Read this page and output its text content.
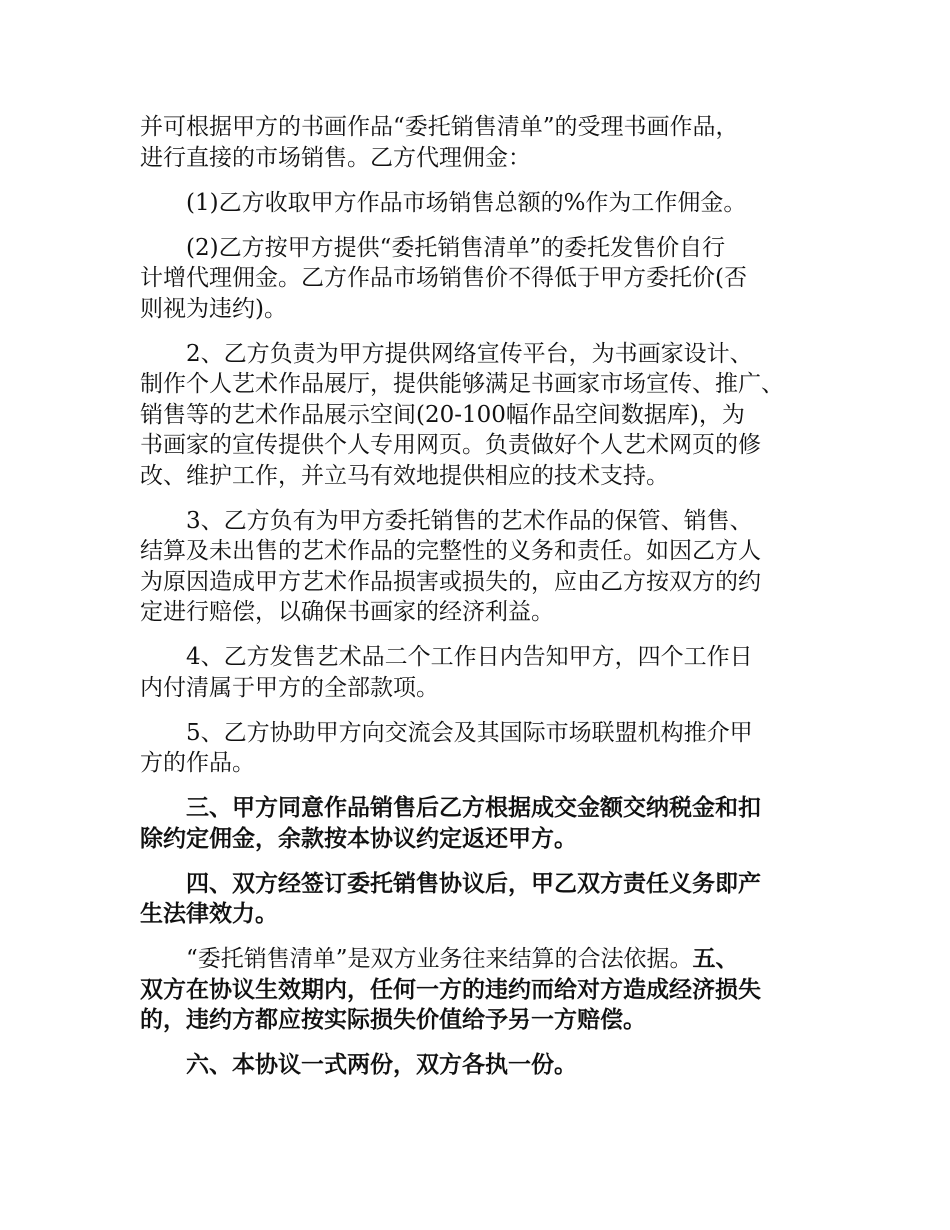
并可根据甲方的书画作品“委托销售清单”的受理书画作品，
进行直接的市场销售。乙方代理佣金：

(1)乙方收取甲方作品市场销售总额的%作为工作佣金。

(2)乙方按甲方提供“委托销售清单”的委托发售价自行
计增代理佣金。乙方作品市场销售价不得低于甲方委托价(否
则视为违约)。

2、乙方负责为甲方提供网络宣传平台，为书画家设计、
制作个人艺术作品展厅，提供能够满足书画家市场宣传、推广、
销售等的艺术作品展示空间(20-100幅作品空间数据库)，为
书画家的宣传提供个人专用网页。负责做好个人艺术网页的修
改、维护工作，并立马有效地提供相应的技术支持。

3、乙方负有为甲方委托销售的艺术作品的保管、销售、
结算及未出售的艺术作品的完整性的义务和责任。如因乙方人
为原因造成甲方艺术作品损害或损失的，应由乙方按双方的约
定进行赔偿，以确保书画家的经济利益。

4、乙方发售艺术品二个工作日内告知甲方，四个工作日
内付清属于甲方的全部款项。

5、乙方协助甲方向交流会及其国际市场联盟机构推介甲
方的作品。

三、甲方同意作品销售后乙方根据成交金额交纳税金和扣
除约定佣金，余款按本协议约定返还甲方。

四、双方经签订委托销售协议后，甲乙双方责任义务即产
生法律效力。

“委托销售清单”是双方业务往来结算的合法依据。五、
双方在协议生效期内，任何一方的违约而给对方造成经济损失
的，违约方都应按实际损失价值给予另一方赔偿。

六、本协议一式两份，双方各执一份。
